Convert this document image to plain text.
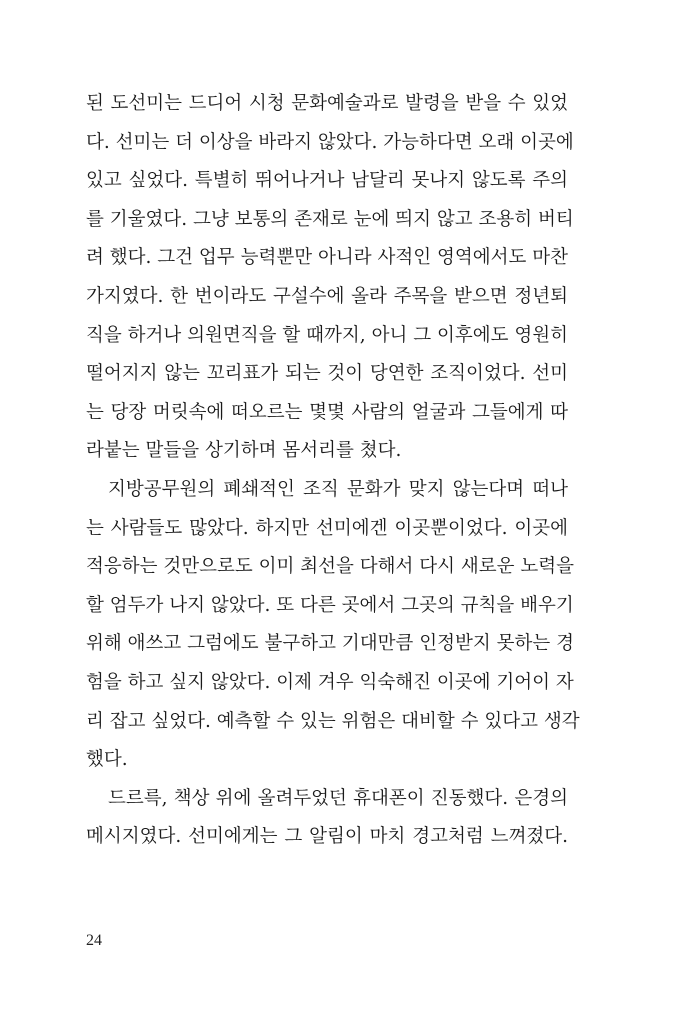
된 도선미는 드디어 시청 문화예술과로 발령을 받을 수 있었
다. 선미는 더 이상을 바라지 않았다. 가능하다면 오래 이곳에
있고 싶었다. 특별히 뛰어나거나 남달리 못나지 않도록 주의
를 기울였다. 그냥 보통의 존재로 눈에 띄지 않고 조용히 버티
려 했다. 그건 업무 능력뿐만 아니라 사적인 영역에서도 마찬
가지였다. 한 번이라도 구설수에 올라 주목을 받으면 정년퇴
직을 하거나 의원면직을 할 때까지, 아니 그 이후에도 영원히
떨어지지 않는 꼬리표가 되는 것이 당연한 조직이었다. 선미
는 당장 머릿속에 떠오르는 몇몇 사람의 얼굴과 그들에게 따
라붙는 말들을 상기하며 몸서리를 쳤다.
지방공무원의 폐쇄적인 조직 문화가 맞지 않는다며 떠나
는 사람들도 많았다. 하지만 선미에겐 이곳뿐이었다. 이곳에
적응하는 것만으로도 이미 최선을 다해서 다시 새로운 노력을
할 엄두가 나지 않았다. 또 다른 곳에서 그곳의 규칙을 배우기
위해 애쓰고 그럼에도 불구하고 기대만큼 인정받지 못하는 경
험을 하고 싶지 않았다. 이제 겨우 익숙해진 이곳에 기어이 자
리 잡고 싶었다. 예측할 수 있는 위험은 대비할 수 있다고 생각
했다.
드르륵, 책상 위에 올려두었던 휴대폰이 진동했다. 은경의
메시지였다. 선미에게는 그 알림이 마치 경고처럼 느껴졌다.
24
